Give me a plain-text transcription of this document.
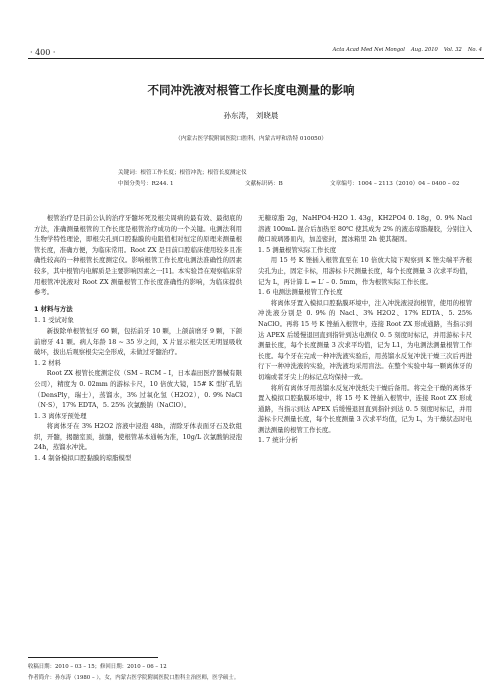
· 400 ·	Acta Acad Med Nei Mongol Aug. 2010 Vol. 32 No. 4
不同冲洗液对根管工作长度电测量的影响
孙东涛， 刘晓晨
（内蒙古医学院附属医院口腔科，内蒙古呼和浩特 010050）
关键词：根管工作长度；根管冲洗；根管长度测定仪
中图分类号：R244. 1	文献标识码：B	文章编号：1004 – 2113（2010）04 – 0400 – 02

根管治疗是目前公认的治疗牙髓坏死及根尖周病的最有效、最彻底的方法，准确测量根管的工作长度是根管治疗成功的一个关键。电测法利用生物学特性理论，即根尖孔到口腔黏膜的电阻值相对恒定的原理来测量根管长度，准确方便，为临床常用。Root ZX 是目前口腔临床使用较多且准确性较高的一种根管长度测定仪。影响根管工作长度电测法准确性的因素较多，其中根管内电解质是主要影响因素之一[1]。本实验旨在观察临床常用根管冲洗液对 Root ZX 测量根管工作长度准确性的影响，为临床提供参考。

1 材料与方法
1. 1 受试对象

新拔除单根管恒牙 60 颗，包括前牙 10 颗，上颌前磨牙 9 颗，下颌前磨牙 41 颗。病人年龄 18 ~ 35 岁之间，X 片显示根尖区无明显吸收破坏，拔出后观察根尖完全形成，未做过牙髓治疗。

1. 2 材料

Root ZX 根管长度测定仪（SM – RCM – I，日本森田医疗器械有限公司），精度为 0. 02mm 的游标卡尺，10 倍放大镜，15# K 型扩孔钻（DensPly，瑞士），蒸馏水，3% 过氧化氢（H2O2），0. 9% NaCl（N·S），17% EDTA，5. 25% 次氯酸钠（NaClO）。

1. 3 离体牙预处理

将离体牙在 3% H2O2 溶液中浸泡 48h，清除牙体表面牙石及软组织，开髓，揭髓室顶，拔髓，使根管基本通畅为准，10g/L 次氯酸钠浸泡 24h，蒸馏水冲洗。

1. 4 制备模拟口腔黏膜的琼脂模型

无糖琼脂 2g，NaHPO4·H2O 1. 43g，KH2PO4 0. 18g，0. 9% Nacl 溶液 100mL 混合后加热至 80℃ 使其成为 2% 的液态琼脂凝胶，分别注入敞口玻璃器皿内，加盖密封，置冰箱里 2h 使其凝固。

1. 5 测量根管实际工作长度

用 15 号 K 锉插入根管直至在 10 倍放大镜下观察到 K 锉尖端平齐根尖孔为止，固定卡标，用游标卡尺测量长度，每个长度测量 3 次求平均值，记为 L，再计算 L = L′ – 0. 5mm，作为根管实际工作长度。

1. 6 电测法测量根管工作长度

将离体牙置入模拟口腔黏膜环境中，注入冲洗液浸润根管，使用的根管冲洗液分别是 0. 9% 的 Nacl、3% H2O2、17% EDTA、5. 25% NaClO。再将 15 号 K 锉插入根管中，连接 Root ZX 形成通路，当指示到达 APEX 后缓慢退回直到指针到达电测仪 0. 5 刻度时标记，并用游标卡尺测量长度，每个长度测量 3 次求平均值，记为 L1，为电测法测量根管工作长度。每个牙在完成一种冲洗液实验后，用蒸馏水反复冲洗干燥三次后再进行下一种冲洗液的实验，冲洗液均采用盲法。在整个实验中每一颗离体牙的切端或者牙尖上的标记点均保持一致。

将所有离体牙用蒸馏水反复冲洗纸尖干燥后备用。将完全干燥的离体牙置入模拟口腔黏膜环境中，将 15 号 K 锉插入根管中，连接 Root ZX 形成通路，当指示到达 APEX 后缓慢退回直到指针到达 0. 5 刻度时标记，并用游标卡尺测量长度，每个长度测量 3 次求平均值，记为 L，为干燥状态时电测法测量的根管工作长度。

1. 7 统计分析
收稿日期：2010 – 03 – 15；修回日期：2010 – 06 – 12
作者简介：孙东涛（1980 – ），女，内蒙古医学院附属医院口腔科主治医师，医学硕士。
